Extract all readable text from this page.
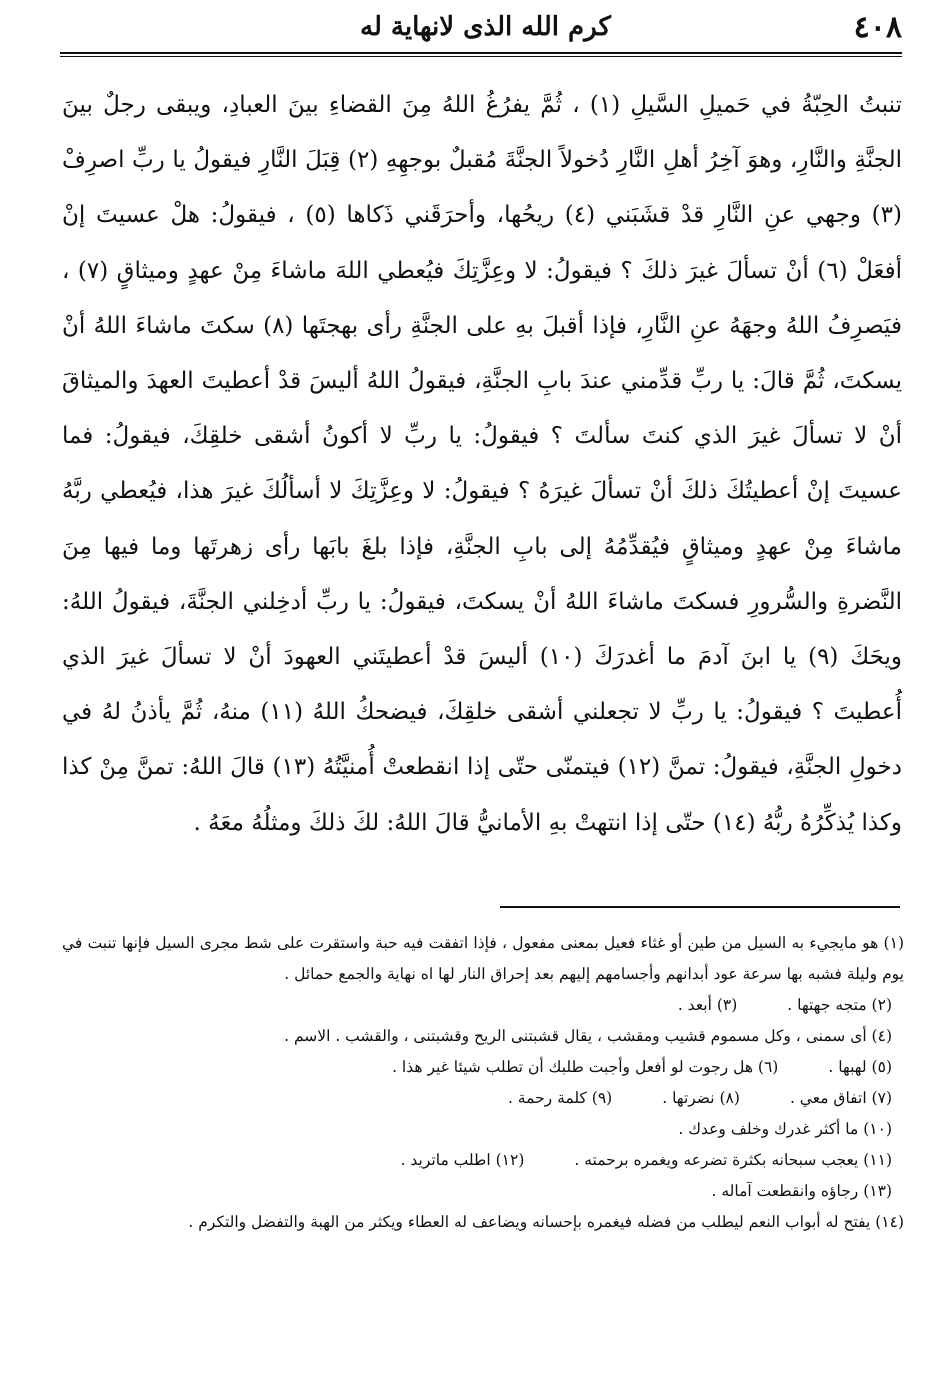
٤٠٨
كرم الله الذى لانهاية له

تنبتُ الحِبّةُ في حَميلِ السَّيلِ (١) ، ثُمَّ يفرُغُ اللهُ مِنَ القضاءِ بينَ العبادِ، ويبقى رجلٌ بينَ الجنَّةِ والنَّارِ، وهوَ آخِرُ أهلِ النَّارِ دُخولاً الجنَّةَ مُقبلٌ بوجهِهِ (٢) قِبَلَ النَّارِ فيقولُ يا ربِّ اصرِفْ (٣) وجهي عنِ النَّارِ قدْ قشَبَني (٤) ريحُها، وأحرَقَني ذَكاها (٥) ، فيقولُ: هلْ عسيتَ إنْ أفعَلْ (٦) أنْ تسألَ غيرَ ذلكَ ؟ فيقولُ: لا وعِزَّتِكَ فيُعطي اللهَ ماشاءَ مِنْ عهدٍ وميثاقٍ (٧) ، فيَصرِفُ اللهُ وجهَهُ عنِ النَّارِ، فإذا أقبلَ بهِ على الجنَّةِ رأى بهجتَها (٨) سكتَ ماشاءَ اللهُ أنْ يسكتَ، ثُمَّ قالَ: يا ربِّ قدِّمني عندَ بابِ الجنَّةِ، فيقولُ اللهُ أليسَ قدْ أعطيتَ العهدَ والميثاقَ أنْ لا تسألَ غيرَ الذي كنتَ سألتَ ؟ فيقولُ: يا ربِّ لا أكونُ أشقى خلقِكَ، فيقولُ: فما عسيتَ إنْ أعطيتُكَ ذلكَ أنْ تسألَ غيرَهُ ؟ فيقولُ: لا وعِزَّتِكَ لا أسألُكَ غيرَ هذا، فيُعطي ربَّهُ ماشاءَ مِنْ عهدٍ وميثاقٍ فيُقدِّمُهُ إلى بابِ الجنَّةِ، فإذا بلغَ بابَها رأى زهرتَها وما فيها مِنَ النَّضرةِ والسُّرورِ فسكتَ ماشاءَ اللهُ أنْ يسكتَ، فيقولُ: يا ربِّ أدخِلني الجنَّةَ، فيقولُ اللهُ: ويحَكَ (٩) يا ابنَ آدمَ ما أغدرَكَ (١٠) أليسَ قدْ أعطيتَني العهودَ أنْ لا تسألَ غيرَ الذي أُعطيتَ ؟ فيقولُ: يا ربِّ لا تجعلني أشقى خلقِكَ، فيضحكُ اللهُ (١١) منهُ، ثُمَّ يأذنُ لهُ في دخولِ الجنَّةِ، فيقولُ: تمنَّ (١٢) فيتمنّى حتّى إذا انقطعتْ أُمنيَّتُهُ (١٣) قالَ اللهُ: تمنَّ مِنْ كذا وكذا يُذكِّرُهُ ربُّهُ (١٤) حتّى إذا انتهتْ بهِ الأمانيُّ قالَ اللهُ: لكَ ذلكَ ومثلُهُ معَهُ .

(١) هو مايجيء به السيل من طين أو غثاء فعيل بمعنى مفعول ، فإذا اتفقت فيه حبة واستقرت على شط مجرى السيل فإنها تنبت في يوم وليلة فشبه بها سرعة عود أبدانهم وأجسامهم إليهم بعد إحراق النار لها اه نهاية والجمع حمائل .

(٢) متجه جهتها .
(٣) أبعد .

(٤) أى سمنى ، وكل مسموم قشيب ومقشب ، يقال قشبتنى الريح وقشبتنى ، والقشب . الاسم .

(٥) لهبها .
(٦) هل رجوت لو أفعل وأجبت طلبك أن تطلب شيئا غير هذا .
(٧) اتفاق معي .
(٨) نضرتها .
(٩) كلمة رحمة .

(١٠) ما أكثر غدرك وخلف وعدك .

(١١) يعجب سبحانه بكثرة تضرعه ويغمره برحمته .
(١٢) اطلب ماتريد .

(١٣) رجاؤه وانقطعت آماله .

(١٤) يفتح له أبواب النعم ليطلب من فضله فيغمره بإحسانه ويضاعف له العطاء ويكثر من الهبة والتفضل والتكرم .
